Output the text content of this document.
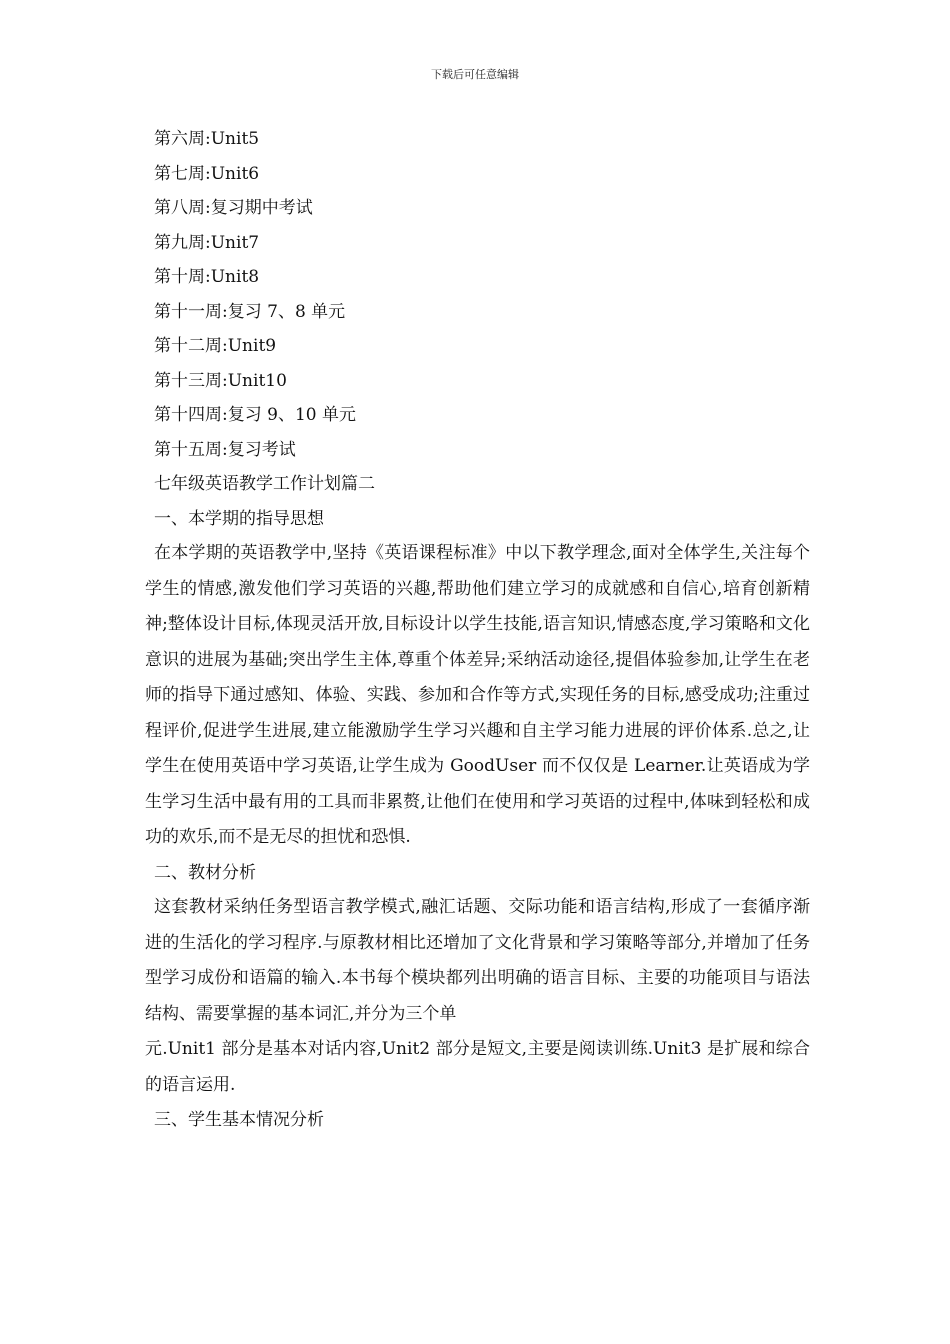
下载后可任意编辑
第六周:Unit5
第七周:Unit6
第八周:复习期中考试
第九周:Unit7
第十周:Unit8
第十一周:复习 7、8 单元
第十二周:Unit9
第十三周:Unit10
第十四周:复习 9、10 单元
第十五周:复习考试
七年级英语教学工作计划篇二
一、本学期的指导思想

在本学期的英语教学中,坚持《英语课程标准》中以下教学理念,面对全体学生,关注每个学生的情感,激发他们学习英语的兴趣,帮助他们建立学习的成就感和自信心,培育创新精神;整体设计目标,体现灵活开放,目标设计以学生技能,语言知识,情感态度,学习策略和文化意识的进展为基础;突出学生主体,尊重个体差异;采纳活动途径,提倡体验参加,让学生在老师的指导下通过感知、体验、实践、参加和合作等方式,实现任务的目标,感受成功;注重过程评价,促进学生进展,建立能激励学生学习兴趣和自主学习能力进展的评价体系.总之,让学生在使用英语中学习英语,让学生成为 GoodUser 而不仅仅是 Learner.让英语成为学生学习生活中最有用的工具而非累赘,让他们在使用和学习英语的过程中,体味到轻松和成功的欢乐,而不是无尽的担忧和恐惧.

二、教材分析

这套教材采纳任务型语言教学模式,融汇话题、交际功能和语言结构,形成了一套循序渐进的生活化的学习程序.与原教材相比还增加了文化背景和学习策略等部分,并增加了任务型学习成份和语篇的输入.本书每个模块都列出明确的语言目标、主要的功能项目与语法结构、需要掌握的基本词汇,并分为三个单

元.Unit1 部分是基本对话内容,Unit2 部分是短文,主要是阅读训练.Unit3 是扩展和综合的语言运用.

三、学生基本情况分析
